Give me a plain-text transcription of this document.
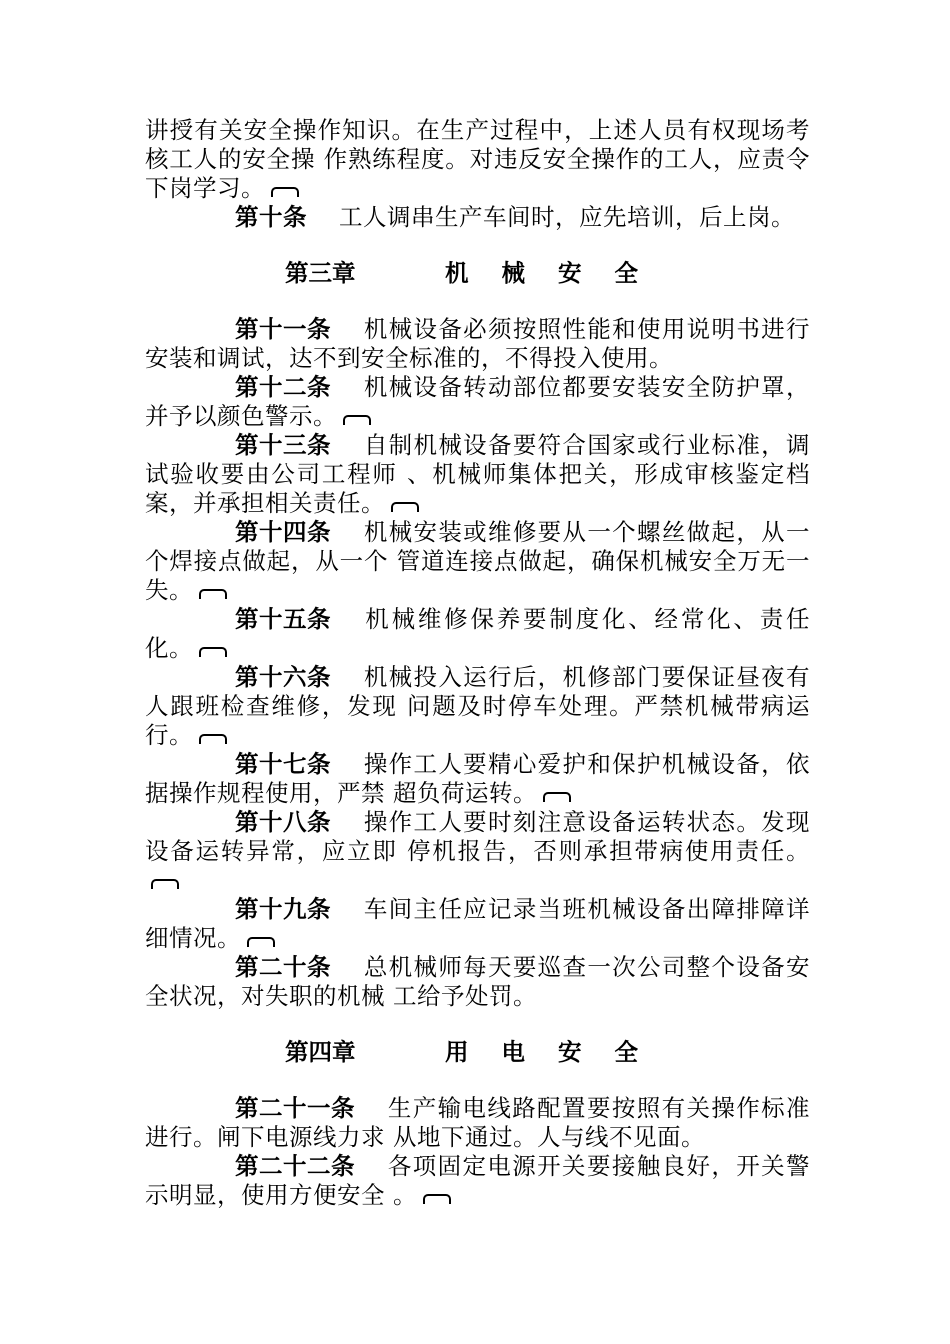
讲授有关安全操作知识。在生产过程中，上述人员有权现场考核工人的安全操 作熟练程度。对违反安全操作的工人，应责令下岗学习。

第十条 工人调串生产车间时，应先培训，后上岗。

第三章	机械安全

第十一条 机械设备必须按照性能和使用说明书进行安装和调试，达不到安全标准的，不得投入使用。

第十二条 机械设备转动部位都要安装安全防护罩，并予以颜色警示。

第十三条 自制机械设备要符合国家或行业标准，调试验收要由公司工程师 、机械师集体把关，形成审核鉴定档案，并承担相关责任。

第十四条 机械安装或维修要从一个螺丝做起，从一个焊接点做起，从一个 管道连接点做起，确保机械安全万无一失。

第十五条 机械维修保养要制度化、经常化、责任化。

第十六条 机械投入运行后，机修部门要保证昼夜有人跟班检查维修，发现 问题及时停车处理。严禁机械带病运行。

第十七条 操作工人要精心爱护和保护机械设备，依据操作规程使用，严禁 超负荷运转。

第十八条 操作工人要时刻注意设备运转状态。发现设备运转异常，应立即 停机报告，否则承担带病使用责任。

第十九条 车间主任应记录当班机械设备出障排障详细情况。

第二十条 总机械师每天要巡查一次公司整个设备安全状况，对失职的机械 工给予处罚。

第四章	用电安全

第二十一条 生产输电线路配置要按照有关操作标准进行。闸下电源线力求 从地下通过。人与线不见面。

第二十二条 各项固定电源开关要接触良好，开关警示明显，使用方便安全 。
